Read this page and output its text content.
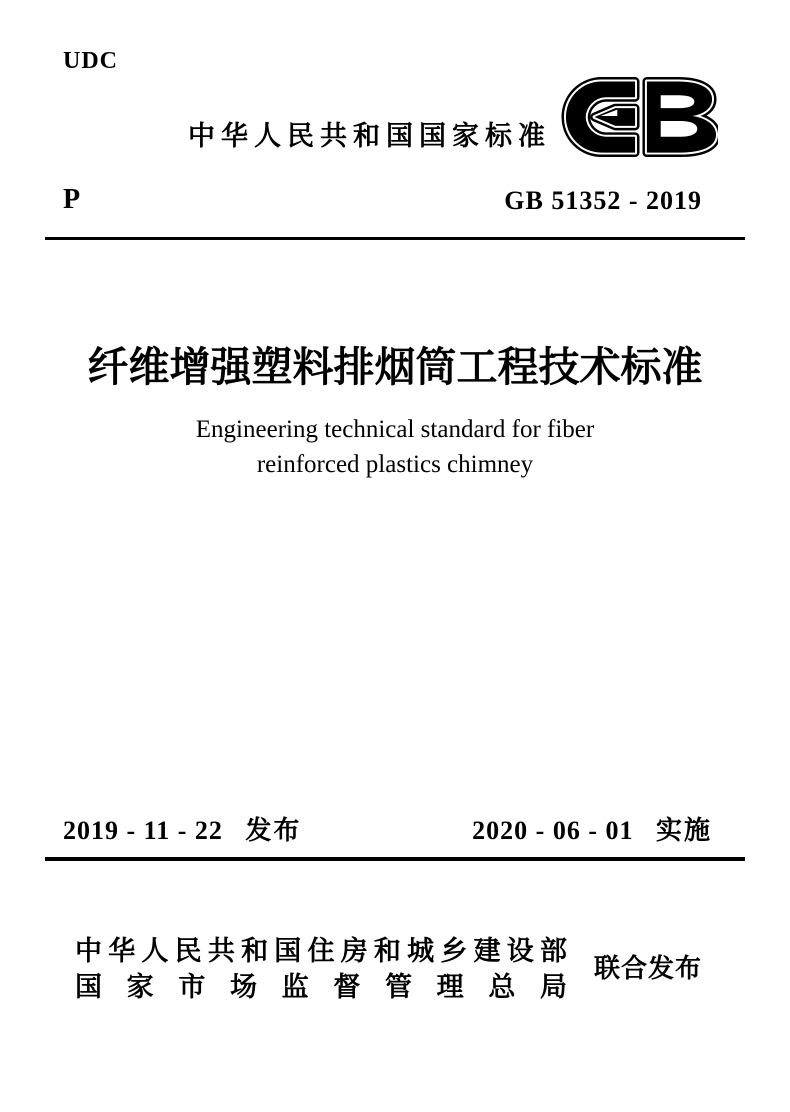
UDC
中华人民共和国国家标准
P	GB 51352 - 2019
纤维增强塑料排烟筒工程技术标准
Engineering technical standard for fiber
reinforced plastics chimney
2019 - 11 - 22 发布	2020 - 06 - 01 实施
中华人民共和国住房和城乡建设部
国家市场监督管理总局
联合发布
